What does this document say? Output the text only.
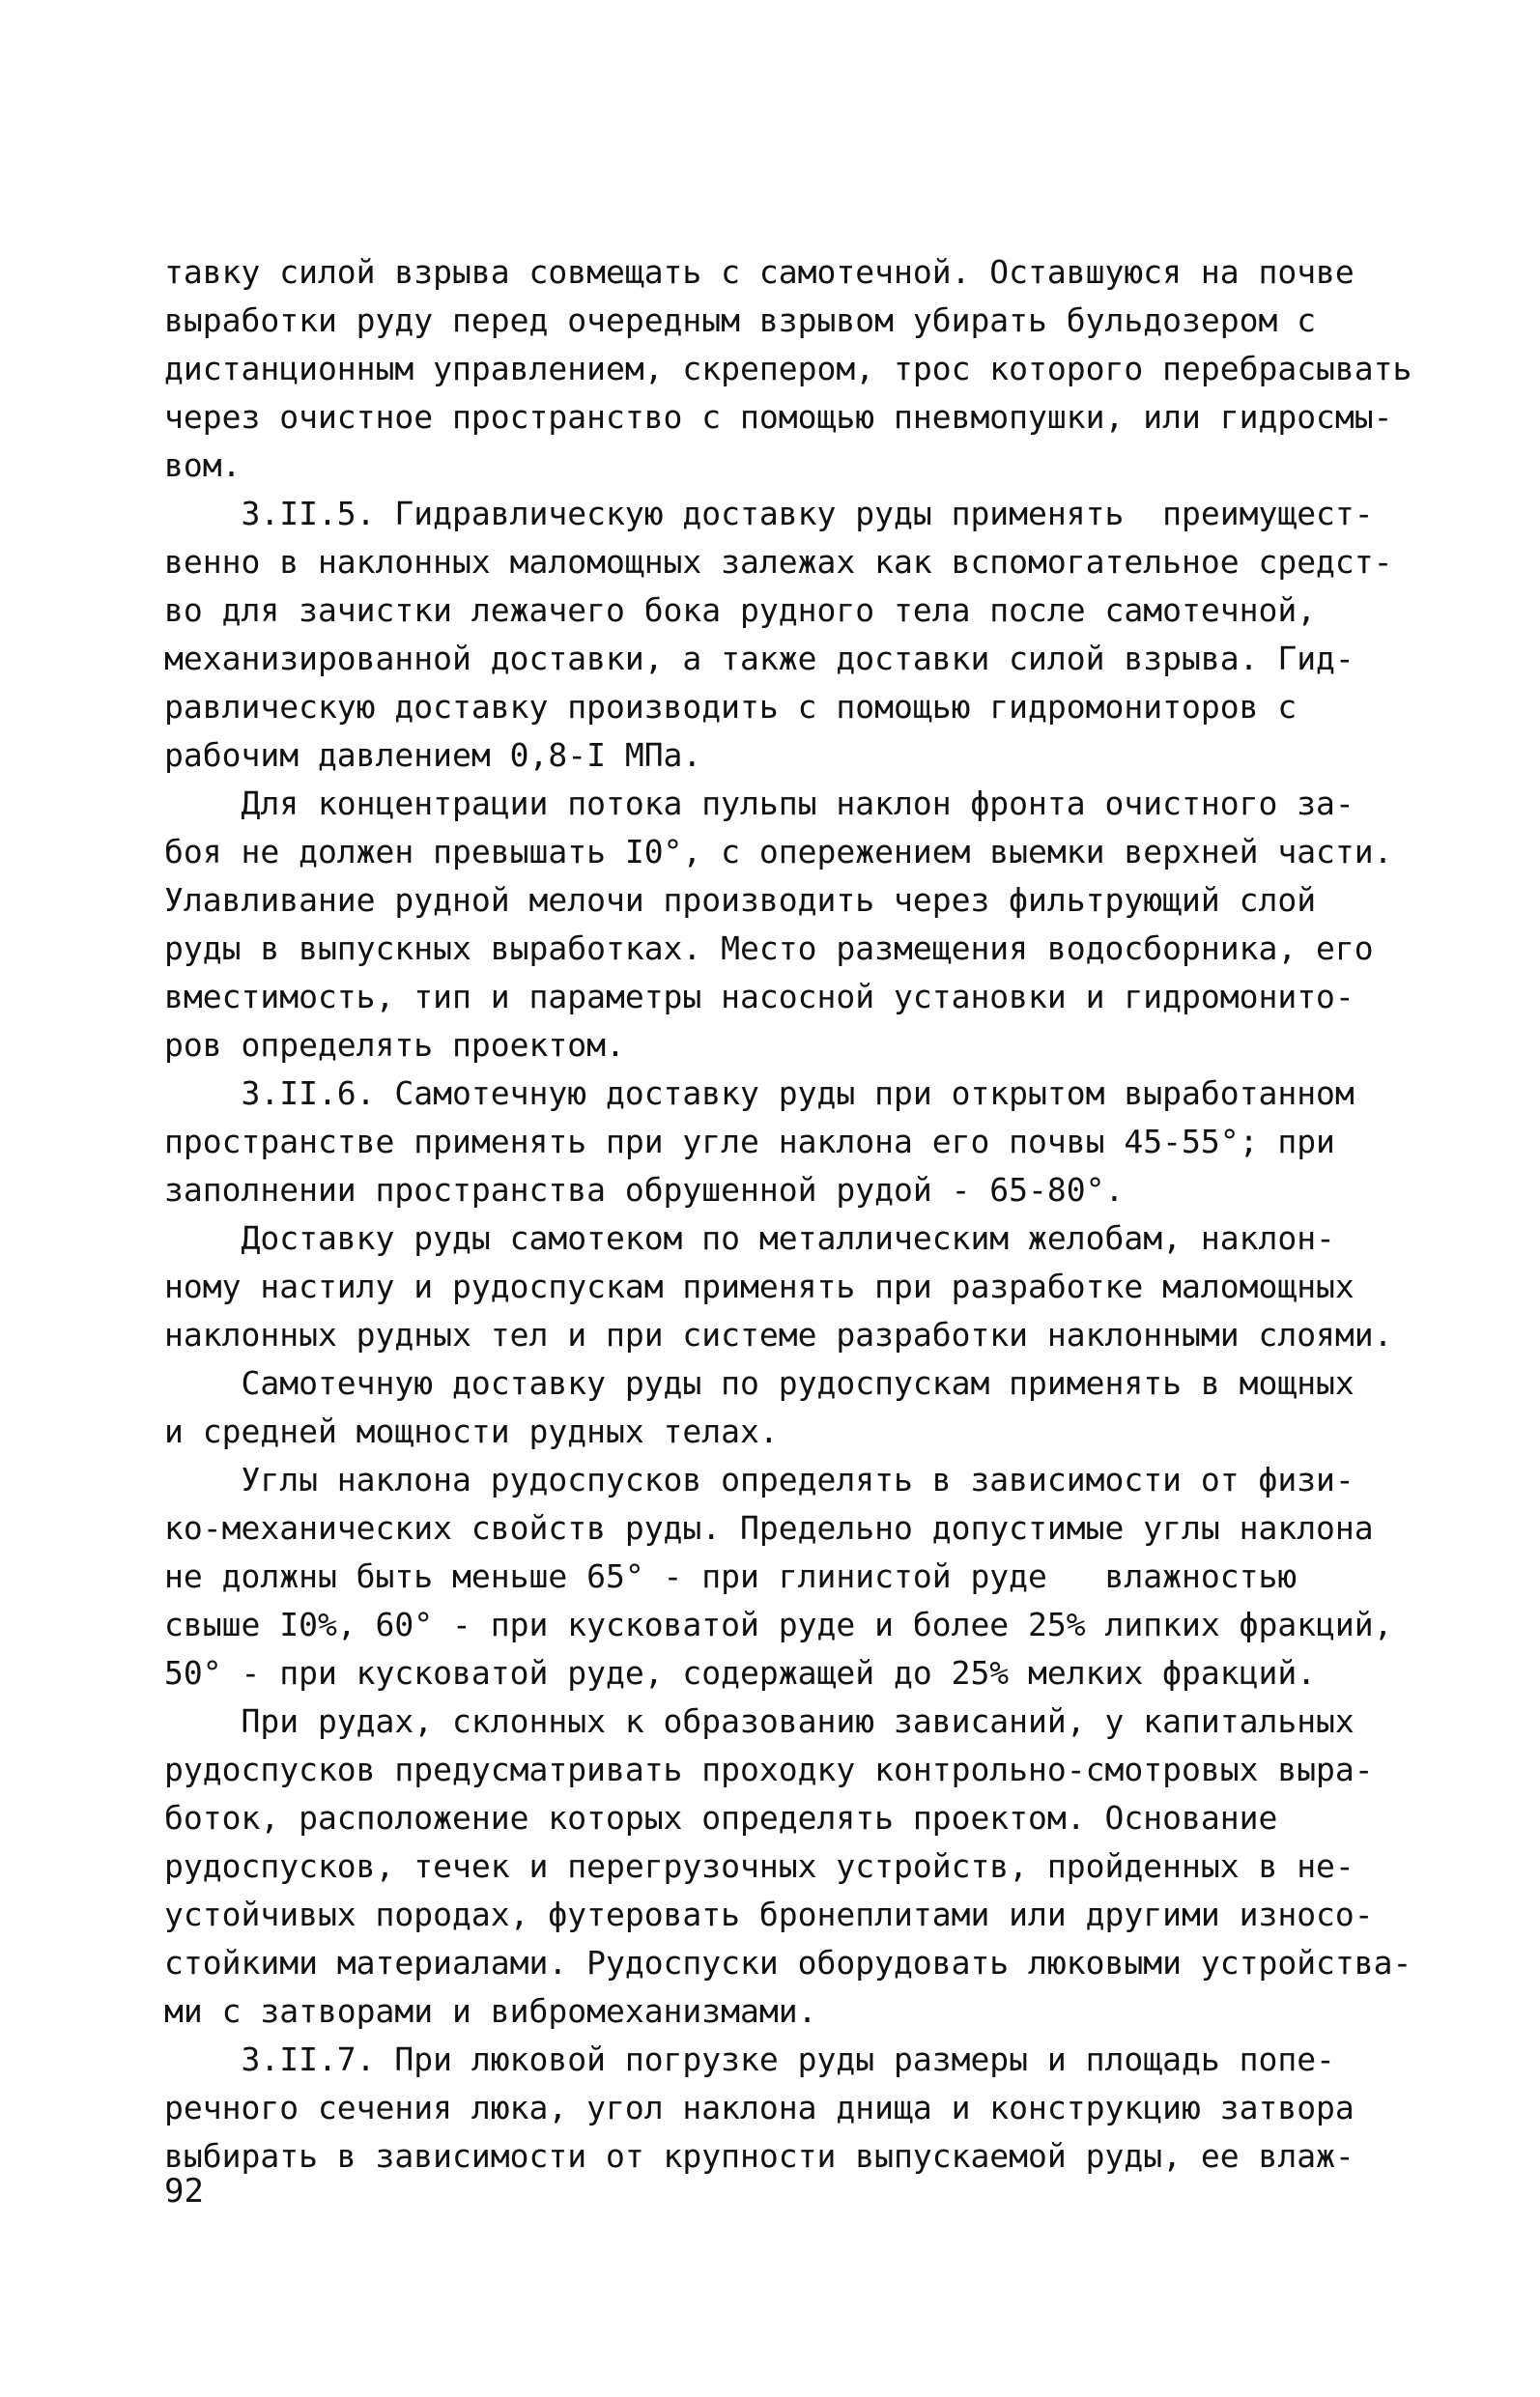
тавку силой взрыва совмещать с самотечной. Оставшуюся на почве
выработки руду перед очередным взрывом убирать бульдозером с
дистанционным управлением, скрепером, трос которого перебрасывать
через очистное пространство с помощью пневмопушки, или гидросмы-
вом.
3.II.5. Гидравлическую доставку руды применять  преимущест-
венно в наклонных маломощных залежах как вспомогательное средст-
во для зачистки лежачего бока рудного тела после самотечной,
механизированной доставки, а также доставки силой взрыва. Гид-
равлическую доставку производить с помощью гидромониторов с
рабочим давлением 0,8-I МПа.
Для концентрации потока пульпы наклон фронта очистного за-
боя не должен превышать I0°, с опережением выемки верхней части.
Улавливание рудной мелочи производить через фильтрующий слой
руды в выпускных выработках. Место размещения водосборника, его
вместимость, тип и параметры насосной установки и гидромонито-
ров определять проектом.
3.II.6. Самотечную доставку руды при открытом выработанном
пространстве применять при угле наклона его почвы 45-55°; при
заполнении пространства обрушенной рудой - 65-80°.
Доставку руды самотеком по металлическим желобам, наклон-
ному настилу и рудоспускам применять при разработке маломощных
наклонных рудных тел и при системе разработки наклонными слоями.
Самотечную доставку руды по рудоспускам применять в мощных
и средней мощности рудных телах.
Углы наклона рудоспусков определять в зависимости от физи-
ко-механических свойств руды. Предельно допустимые углы наклона
не должны быть меньше 65° - при глинистой руде   влажностью
свыше I0%, 60° - при кусковатой руде и более 25% липких фракций,
50° - при кусковатой руде, содержащей до 25% мелких фракций.
При рудах, склонных к образованию зависаний, у капитальных
рудоспусков предусматривать проходку контрольно-смотровых выра-
боток, расположение которых определять проектом. Основание
рудоспусков, течек и перегрузочных устройств, пройденных в не-
устойчивых породах, футеровать бронеплитами или другими износо-
стойкими материалами. Рудоспуски оборудовать люковыми устройства-
ми с затворами и вибромеханизмами.
3.II.7. При люковой погрузке руды размеры и площадь попе-
речного сечения люка, угол наклона днища и конструкцию затвора
выбирать в зависимости от крупности выпускаемой руды, ее влаж-
92
